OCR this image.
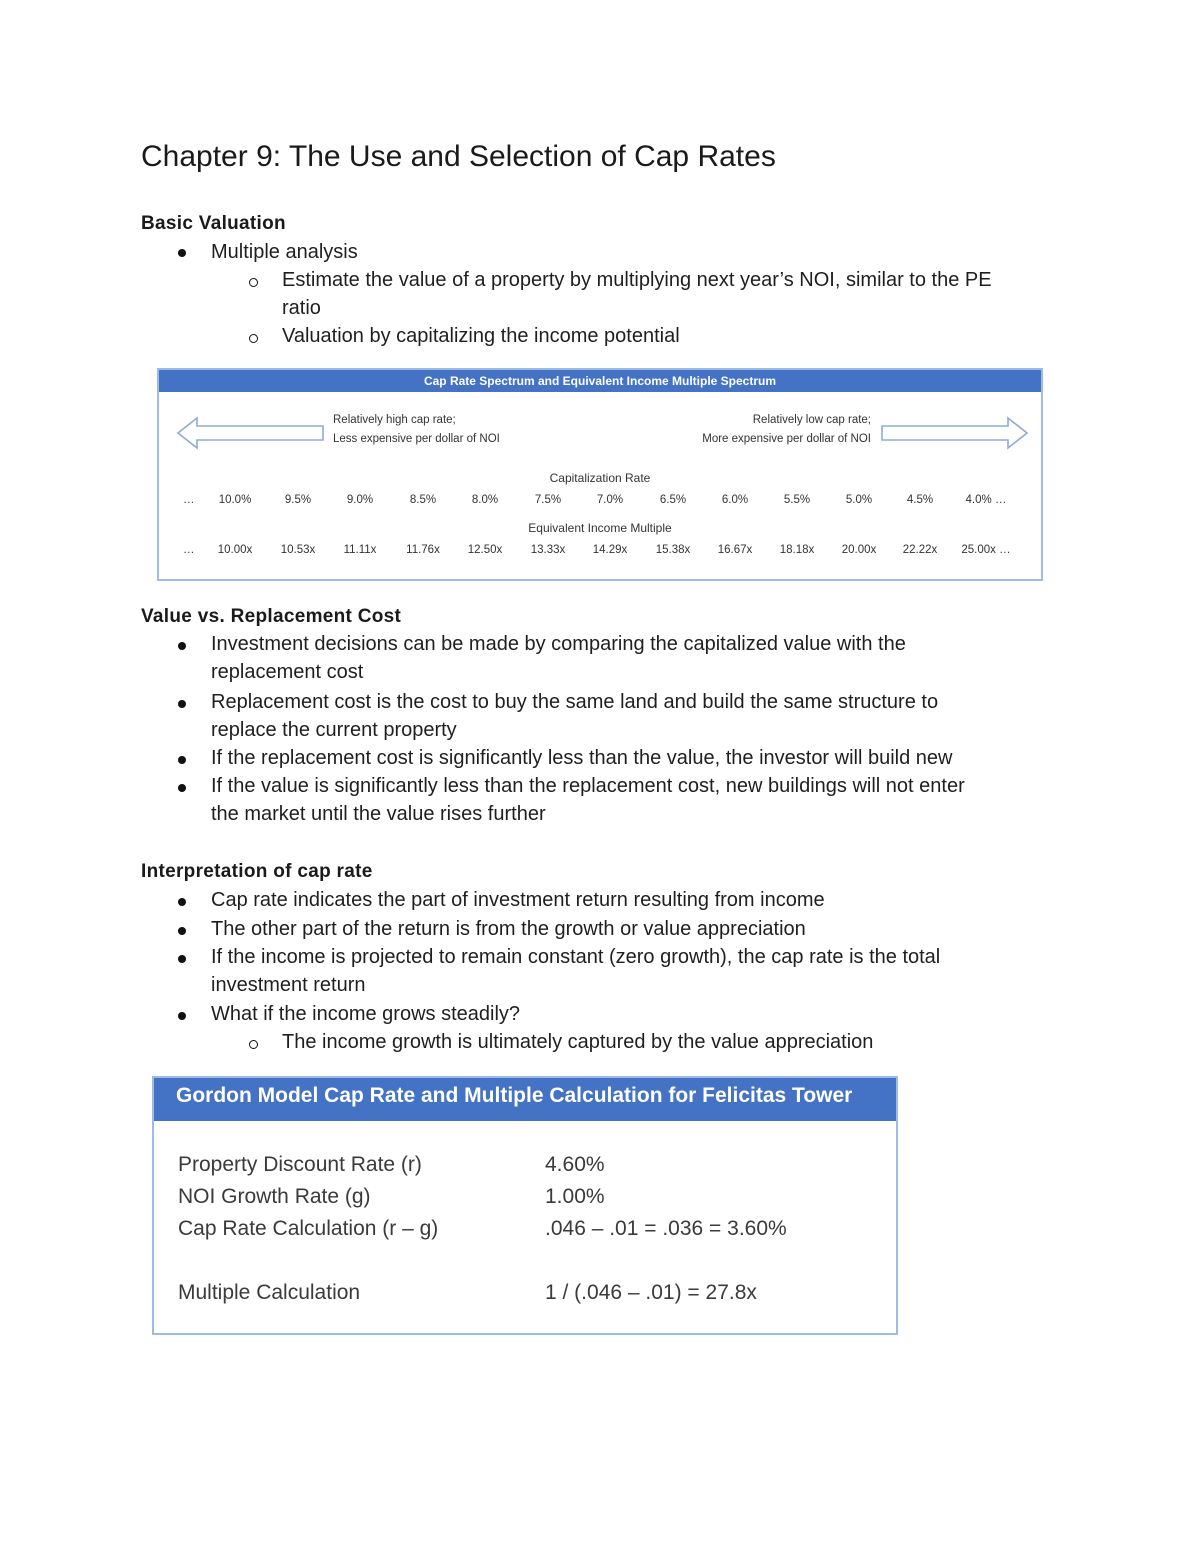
Chapter 9: The Use and Selection of Cap Rates
Basic Valuation
Multiple analysis
Estimate the value of a property by multiplying next year’s NOI, similar to the PE
ratio
Valuation by capitalizing the income potential
Cap Rate Spectrum and Equivalent Income Multiple Spectrum
Relatively high cap rate;
Less expensive per dollar of NOI
Relatively low cap rate;
More expensive per dollar of NOI
Capitalization Rate
…	10.0%	9.5%	9.0%	8.5%	8.0%	7.5%	7.0%	6.5%	6.0%	5.5%	5.0%	4.5%	4.0% …
Equivalent Income Multiple
…	10.00x	10.53x	11.11x	11.76x	12.50x	13.33x	14.29x	15.38x	16.67x	18.18x	20.00x	22.22x	25.00x …
Value vs. Replacement Cost
Investment decisions can be made by comparing the capitalized value with the
replacement cost
Replacement cost is the cost to buy the same land and build the same structure to
replace the current property
If the replacement cost is significantly less than the value, the investor will build new
If the value is significantly less than the replacement cost, new buildings will not enter
the market until the value rises further
Interpretation of cap rate
Cap rate indicates the part of investment return resulting from income
The other part of the return is from the growth or value appreciation
If the income is projected to remain constant (zero growth), the cap rate is the total
investment return
What if the income grows steadily?
The income growth is ultimately captured by the value appreciation
Gordon Model Cap Rate and Multiple Calculation for Felicitas Tower
Property Discount Rate (r)	4.60%
NOI Growth Rate (g)	1.00%
Cap Rate Calculation (r – g)	.046 – .01 = .036 = 3.60%
Multiple Calculation	1 / (.046 – .01) = 27.8x
